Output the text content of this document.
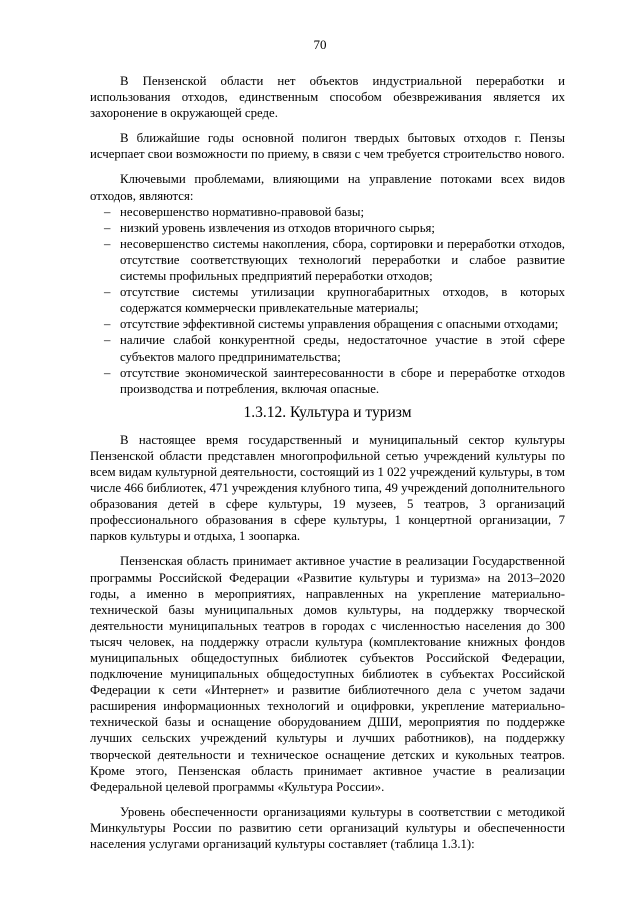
70

В Пензенской области нет объектов индустриальной переработки и использования отходов, единственным способом обезвреживания является их захоронение в окружающей среде.

В ближайшие годы основной полигон твердых бытовых отходов г. Пензы исчерпает свои возможности по приему, в связи с чем требуется строительство нового.

Ключевыми проблемами, влияющими на управление потоками всех видов отходов, являются:

– несовершенство нормативно-правовой базы;
– низкий уровень извлечения из отходов вторичного сырья;
– несовершенство системы накопления, сбора, сортировки и переработки отходов, отсутствие соответствующих технологий переработки и слабое развитие системы профильных предприятий переработки отходов;
– отсутствие системы утилизации крупногабаритных отходов, в которых содержатся коммерчески привлекательные материалы;
– отсутствие эффективной системы управления обращения с опасными отходами;
– наличие слабой конкурентной среды, недостаточное участие в этой сфере субъектов малого предпринимательства;
– отсутствие экономической заинтересованности в сборе и переработке отходов производства и потребления, включая опасные.
1.3.12. Культура и туризм

В настоящее время государственный и муниципальный сектор культуры Пензенской области представлен многопрофильной сетью учреждений культуры по всем видам культурной деятельности, состоящий из 1 022 учреждений культуры, в том числе 466 библиотек, 471 учреждения клубного типа, 49 учреждений дополнительного образования детей в сфере культуры, 19 музеев, 5 театров, 3 организаций профессионального образования в сфере культуры, 1 концертной организации, 7 парков культуры и отдыха, 1 зоопарка.

Пензенская область принимает активное участие в реализации Государственной программы Российской Федерации «Развитие культуры и туризма» на 2013–2020 годы, а именно в мероприятиях, направленных на укрепление материально-технической базы муниципальных домов культуры, на поддержку творческой деятельности муниципальных театров в городах с численностью населения до 300 тысяч человек, на поддержку отрасли культура (комплектование книжных фондов муниципальных общедоступных библиотек субъектов Российской Федерации, подключение муниципальных общедоступных библиотек в субъектах Российской Федерации к сети «Интернет» и развитие библиотечного дела с учетом задачи расширения информационных технологий и оцифровки, укрепление материально-технической базы и оснащение оборудованием ДШИ, мероприятия по поддержке лучших сельских учреждений культуры и лучших работников), на поддержку творческой деятельности и техническое оснащение детских и кукольных театров. Кроме этого, Пензенская область принимает активное участие в реализации Федеральной целевой программы «Культура России».

Уровень обеспеченности организациями культуры в соответствии с методикой Минкультуры России по развитию сети организаций культуры и обеспеченности населения услугами организаций культуры составляет (таблица 1.3.1):
